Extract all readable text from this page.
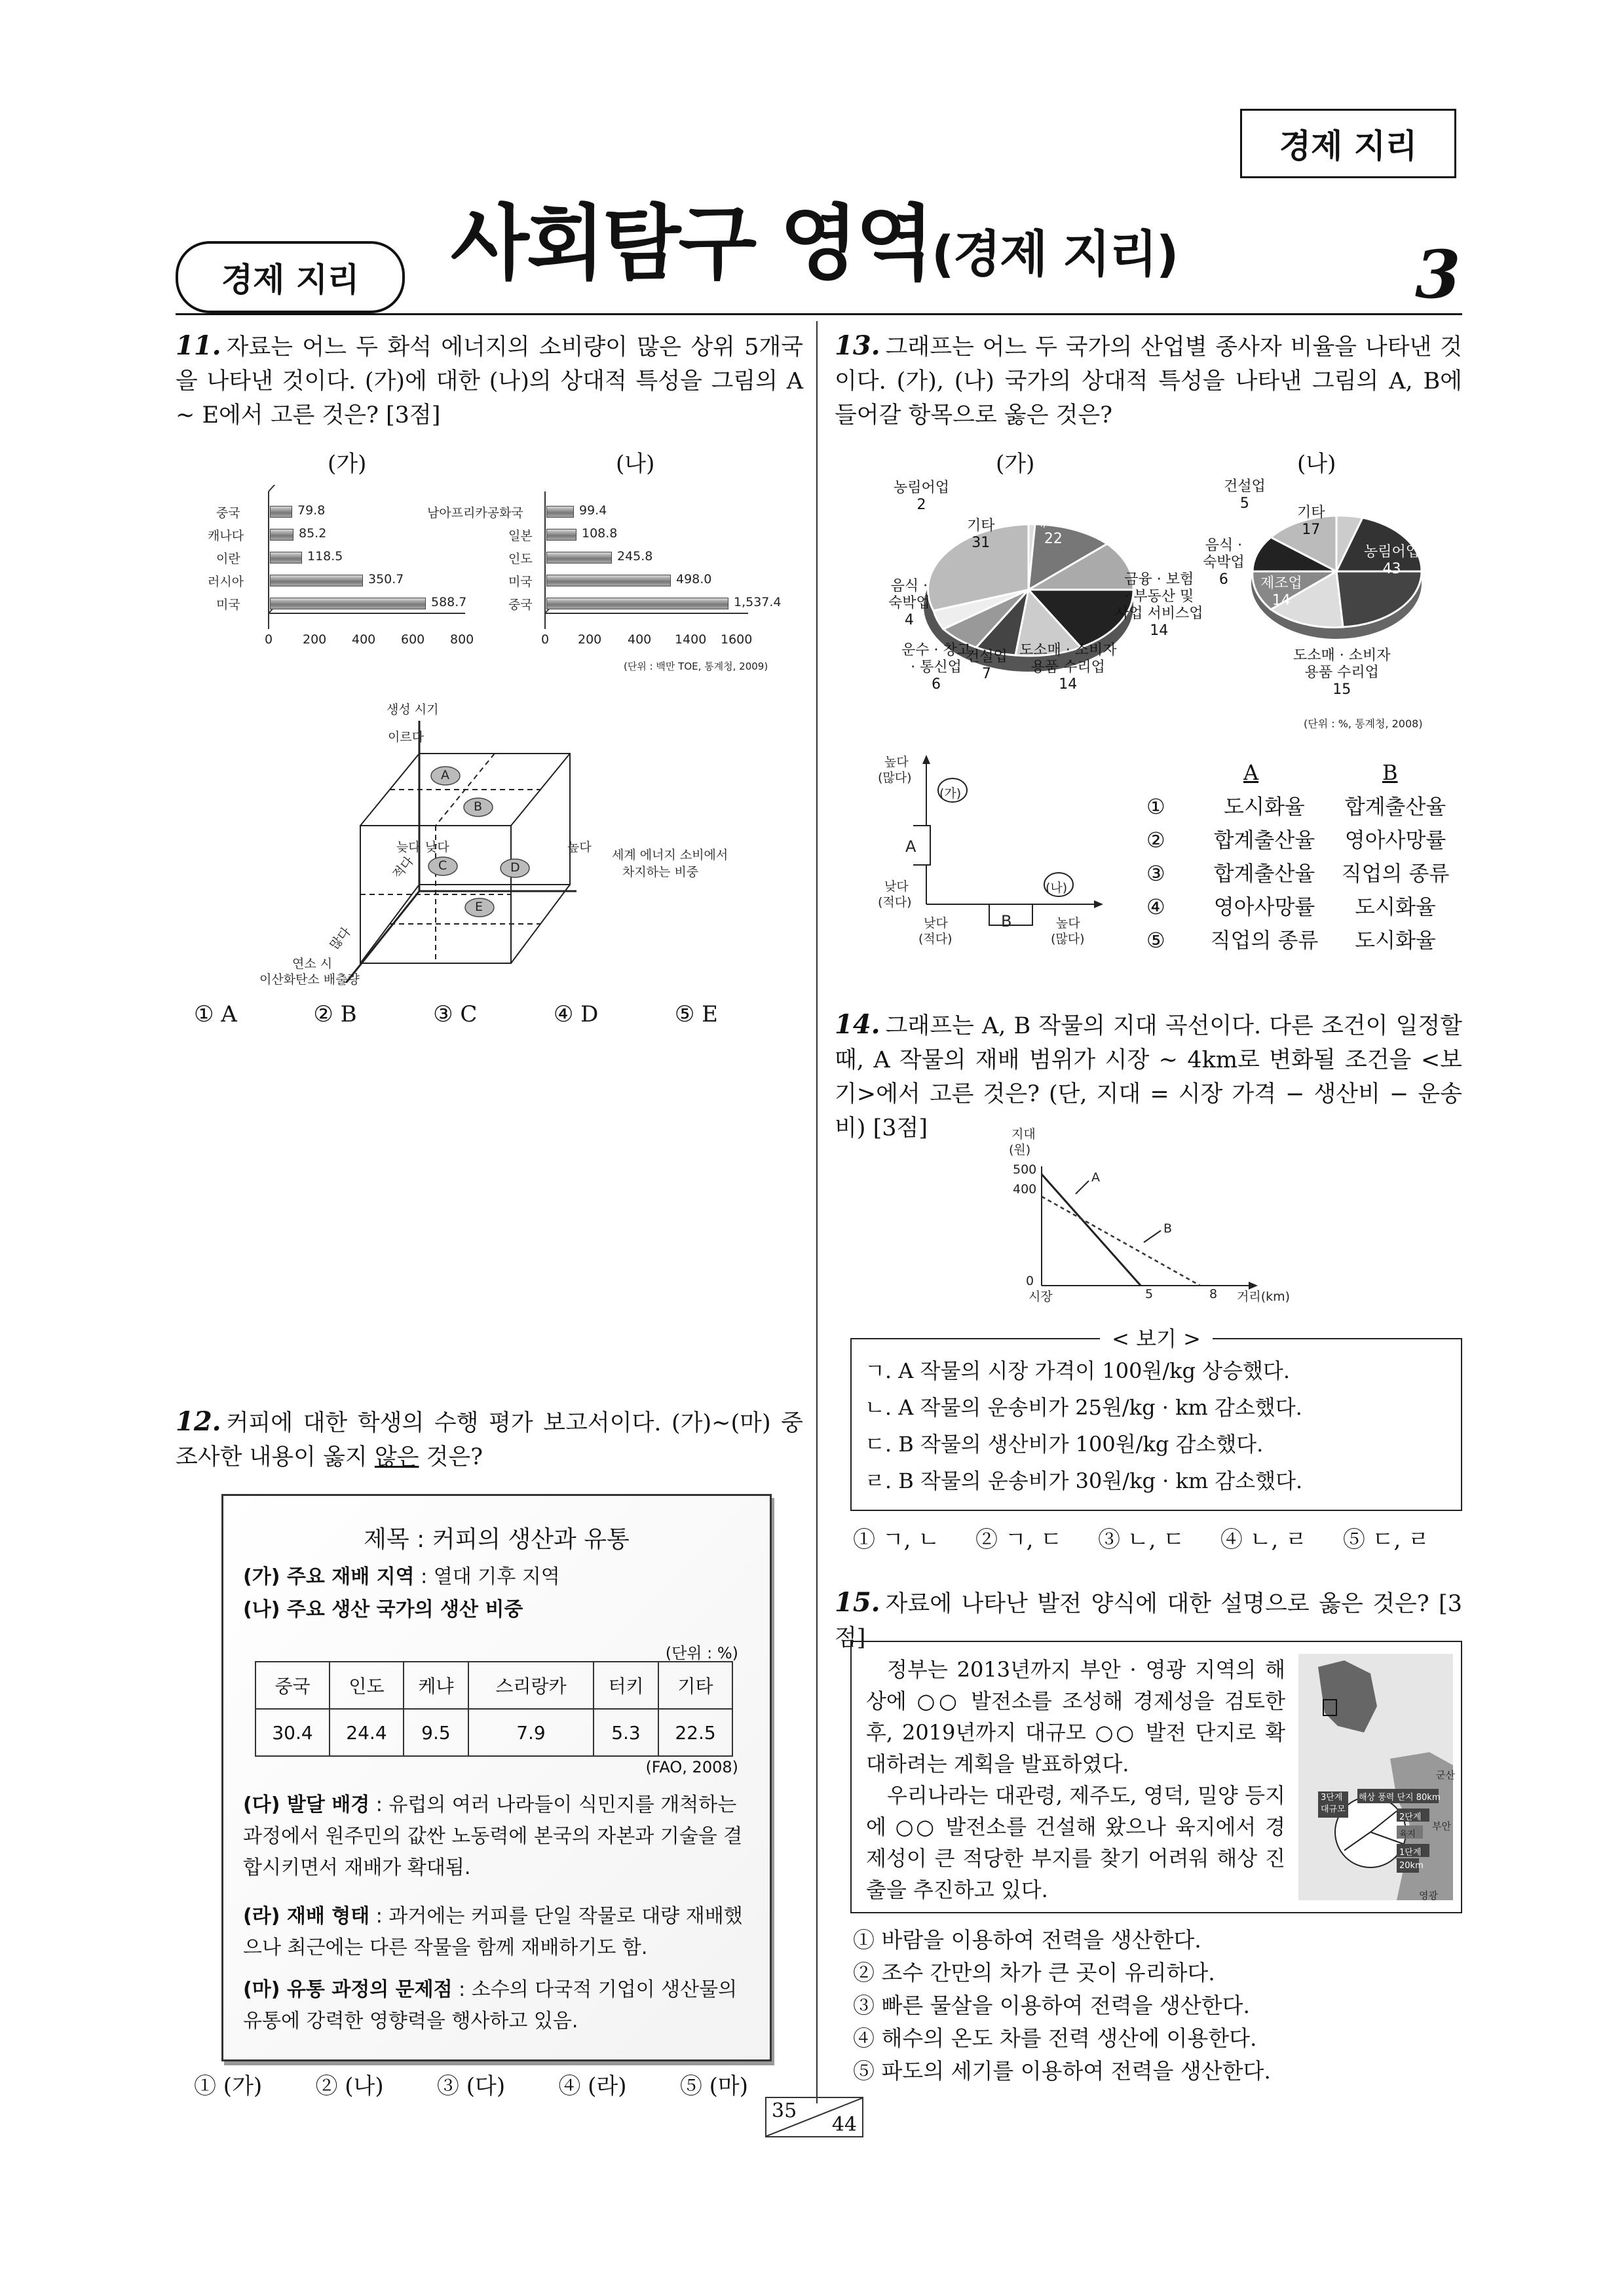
경제 지리
경제 지리	사회탐구 영역(경제 지리)	3
11. 자료는 어느 두 화석 에너지의 소비량이 많은 상위 5개국을 나타낸 것이다. (가)에 대한 (나)의 상대적 특성을 그림의 A ~ E에서 고른 것은? [3점]
(가)	(나)
중국
캐나다
이란
러시아
미국
79.8
85.2
118.5
350.7
588.7
0 200 400 600 800
남아프리카공화국
일본
인도
미국
중국
99.4
108.8
245.8
498.0
1,537.4
0 200 400 1400 1600
(단위 : 백만 TOE, 통계청, 2009)
A
B
C	D
E
생성 시기
이르다
늦다 낮다	높다
적다
많다
세계 에너지 소비에서
차지하는 비중
연소 시
이산화탄소 배출량
① A	② B	③ C	④ D	⑤ E
12. 커피에 대한 학생의 수행 평가 보고서이다. (가)~(마) 중 조사한 내용이 옳지 않은 것은?
제목 : 커피의 생산과 유통
(가) 주요 재배 지역 : 열대 기후 지역
(나) 주요 생산 국가의 생산 비중
(단위 : %)
중국	인도	케냐	스리랑카	터키	기타
30.4	24.4	9.5	7.9	5.3	22.5
(FAO, 2008)
(다) 발달 배경 : 유럽의 여러 나라들이 식민지를 개척하는 과정에서 원주민의 값싼 노동력에 본국의 자본과 기술을 결합시키면서 재배가 확대됨.
(라) 재배 형태 : 과거에는 커피를 단일 작물로 대량 재배했으나 최근에는 다른 작물을 함께 재배하기도 함.
(마) 유통 과정의 문제점 : 소수의 다국적 기업이 생산물의 유통에 강력한 영향력을 행사하고 있음.
① (가) ② (나) ③ (다) ④ (라) ⑤ (마)
13. 그래프는 어느 두 국가의 산업별 종사자 비율을 나타낸 것이다. (가), (나) 국가의 상대적 특성을 나타낸 그림의 A, B에 들어갈 항목으로 옳은 것은?
(가)	(나)
농림어업
2
기타
31
제조업
22
금융 · 보험
· 부동산 및
사업 서비스업
14
도소매 · 소비자
용품 수리업
14
건설업
7
운수 · 창고
· 통신업
6
음식 ·
숙박업
4
건설업
5
기타
17
농림어업
43
음식 ·
숙박업
6	제조업
14
도소매 · 소비자
용품 수리업
15
(단위 : %, 통계청, 2008)
높다
(많다)
낮다
(적다)
낮다
(적다)
높다
(많다)
(가)
(나)
A
B
A	B
①	도시화율	합계출산율
②	합계출산율	영아사망률
③	합계출산율	직업의 종류
④	영아사망률	도시화율
⑤	직업의 종류	도시화율
14. 그래프는 A, B 작물의 지대 곡선이다. 다른 조건이 일정할 때, A 작물의 재배 범위가 시장 ~ 4km로 변화될 조건을 <보기>에서 고른 것은? (단, 지대 = 시장 가격 − 생산비 − 운송비) [3점]	지대
(원)
500
400
0
시장	5	8 거리(km)
A
B
< 보기 >
ㄱ. A 작물의 시장 가격이 100원/kg 상승했다.
ㄴ. A 작물의 운송비가 25원/kg · km 감소했다.
ㄷ. B 작물의 생산비가 100원/kg 감소했다.
ㄹ. B 작물의 운송비가 30원/kg · km 감소했다.
① ㄱ, ㄴ ② ㄱ, ㄷ ③ ㄴ, ㄷ ④ ㄴ, ㄹ ⑤ ㄷ, ㄹ
15. 자료에 나타난 발전 양식에 대한 설명으로 옳은 것은? [3점]
정부는 2013년까지 부안 · 영광 지역의 해상에 ○○ 발전소를 조성해 경제성을 검토한 후, 2019년까지 대규모 ○○ 발전 단지로 확대하려는 계획을 발표하였다.
우리나라는 대관령, 제주도, 영덕, 밀양 등지에 ○○ 발전소를 건설해 왔으나 육지에서 경제성이 큰 적당한 부지를 찾기 어려워 해상 진출을 추진하고 있다.
군산
부안
영광
3단계
대규모
해상 풍력 단지 80km
2단계
육지
1단계
20km
① 바람을 이용하여 전력을 생산한다.
② 조수 간만의 차가 큰 곳이 유리하다.
③ 빠른 물살을 이용하여 전력을 생산한다.
④ 해수의 온도 차를 전력 생산에 이용한다.
⑤ 파도의 세기를 이용하여 전력을 생산한다.
35
44
